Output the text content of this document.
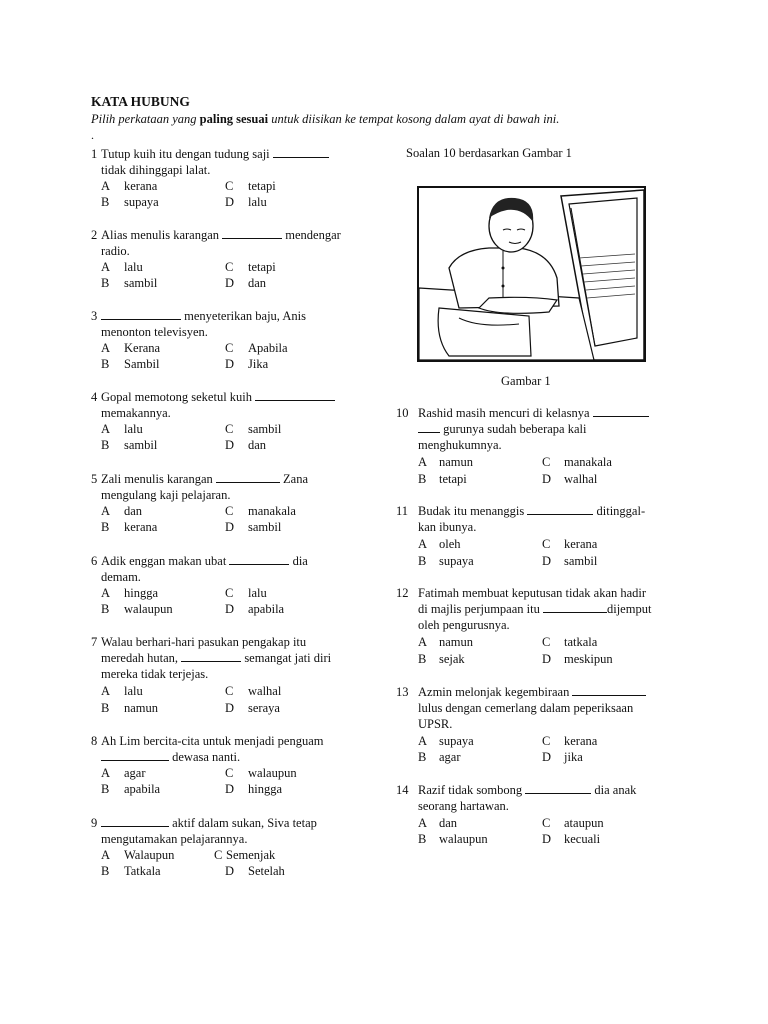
KATA HUBUNG
Pilih perkataan yang paling sesuai untuk diisikan ke tempat kosong dalam ayat di bawah ini.
.
1 Tutup kuih itu dengan tudung saji
tidak dihinggapi lalat.
A kerana	C tetapi
B supaya	D lalu
2 Alias menulis karangan	mendengar
radio.
A lalu	C tetapi
B sambil	D dan
3	menyeterikan baju, Anis
menonton televisyen.
A Kerana	C Apabila
B Sambil	D Jika
4 Gopal memotong seketul kuih
memakannya.
A lalu	C sambil
B sambil	D dan
5 Zali menulis karangan	Zana
mengulang kaji pelajaran.
A dan	C manakala
B kerana	D sambil
6 Adik enggan makan ubat	dia
demam.
A hingga	C lalu
B walaupun	D apabila
7 Walau berhari-hari pasukan pengakap itu
meredah hutan,	semangat jati diri
mereka tidak terjejas.
A lalu	C walhal
B namun	D seraya
8 Ah Lim bercita-cita untuk menjadi penguam
dewasa nanti.
A agar	C walaupun
B apabila	D hingga
9	aktif dalam sukan, Siva tetap
mengutamakan pelajarannya.
A Walaupun	C Semenjak
B Tatkala	D Setelah
Soalan 10 berdasarkan Gambar 1
Gambar 1
10 Rashid masih mencuri di kelasnya
gurunya sudah beberapa kali
menghukumnya.
A namun	C manakala
B tetapi	D walhal
11 Budak itu menanggis	ditinggal-
kan ibunya.
A oleh	C kerana
B supaya	D sambil
12 Fatimah membuat keputusan tidak akan hadir
di majlis perjumpaan itu	dijemput
oleh pengurusnya.
A namun	C tatkala
B sejak	D meskipun
13 Azmin melonjak kegembiraan
lulus dengan cemerlang dalam peperiksaan
UPSR.
A supaya	C kerana
B agar	D jika
14 Razif tidak sombong	dia anak
seorang hartawan.
A dan	C ataupun
B walaupun	D kecuali
